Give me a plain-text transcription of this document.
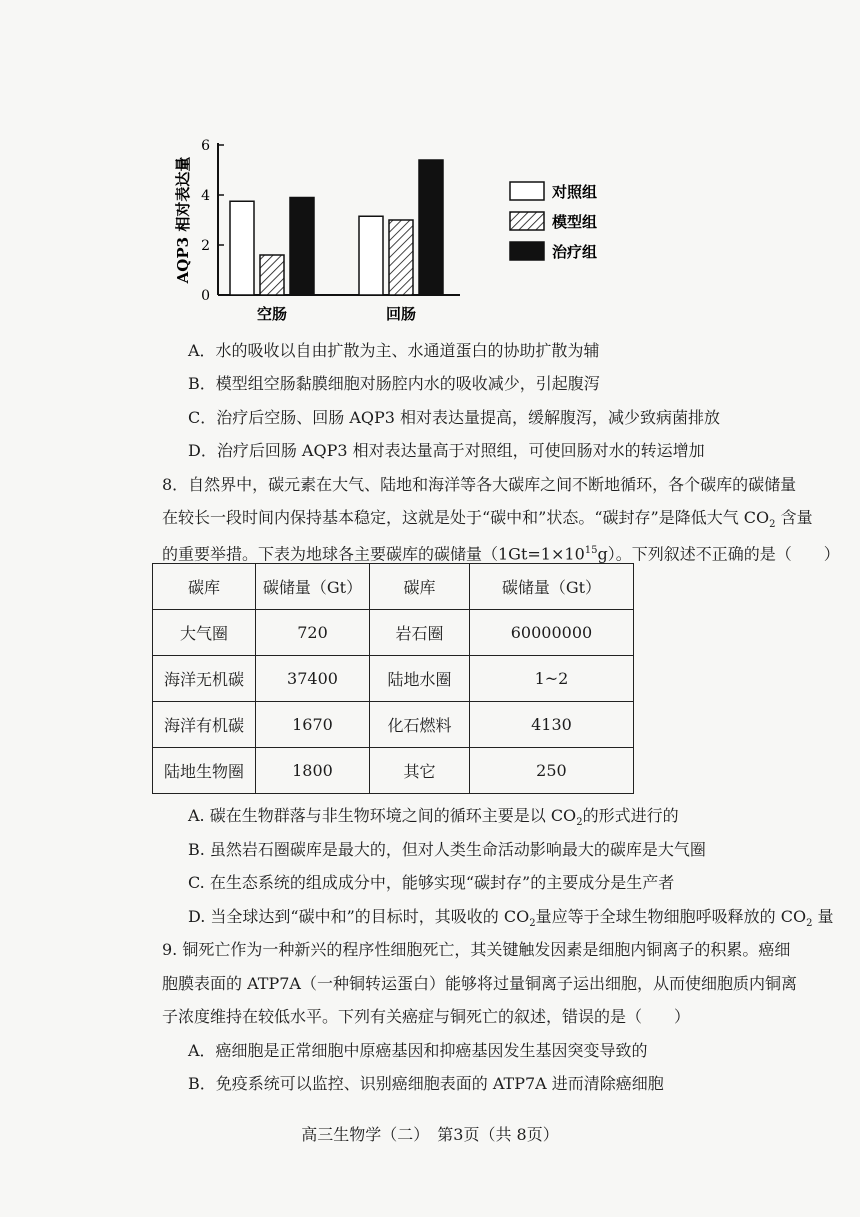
0
2
4
6
AQP3 相对表达量
空肠	回肠
对照组
模型组
治疗组
A．水的吸收以自由扩散为主、水通道蛋白的协助扩散为辅
B．模型组空肠黏膜细胞对肠腔内水的吸收减少，引起腹泻
C．治疗后空肠、回肠 AQP3 相对表达量提高，缓解腹泻，减少致病菌排放
D．治疗后回肠 AQP3 相对表达量高于对照组，可使回肠对水的转运增加
8．自然界中，碳元素在大气、陆地和海洋等各大碳库之间不断地循环，各个碳库的碳储量
在较长一段时间内保持基本稳定，这就是处于“碳中和”状态。“碳封存”是降低大气 $CO_2$ 含量
的重要举措。下表为地球各主要碳库的碳储量$(1Gt=1\times 10^{15}g)$。下列叙述不正确的是（　　）
碳库	碳储量（Gt）	碳库	碳储量（Gt）
大气圈	720	岩石圈	60000000
海洋无机碳	37400	陆地水圈	1~2
海洋有机碳	1670	化石燃料	4130
陆地生物圈	1800	其它	250
A. 碳在生物群落与非生物环境之间的循环主要是以 $CO_2$的形式进行的
B. 虽然岩石圈碳库是最大的，但对人类生命活动影响最大的碳库是大气圈
C. 在生态系统的组成成分中，能够实现“碳封存”的主要成分是生产者
D. 当全球达到“碳中和”的目标时，其吸收的 $CO_2$量应等于全球生物细胞呼吸释放的 $CO_2$ 量
9. 铜死亡作为一种新兴的程序性细胞死亡，其关键触发因素是细胞内铜离子的积累。癌细
胞膜表面的 ATP7A（一种铜转运蛋白）能够将过量铜离子运出细胞，从而使细胞质内铜离
子浓度维持在较低水平。下列有关癌症与铜死亡的叙述，错误的是（　　）
A．癌细胞是正常细胞中原癌基因和抑癌基因发生基因突变导致的
B．免疫系统可以监控、识别癌细胞表面的 ATP7A 进而清除癌细胞
高三生物学（二）　第3页（共 8页）
